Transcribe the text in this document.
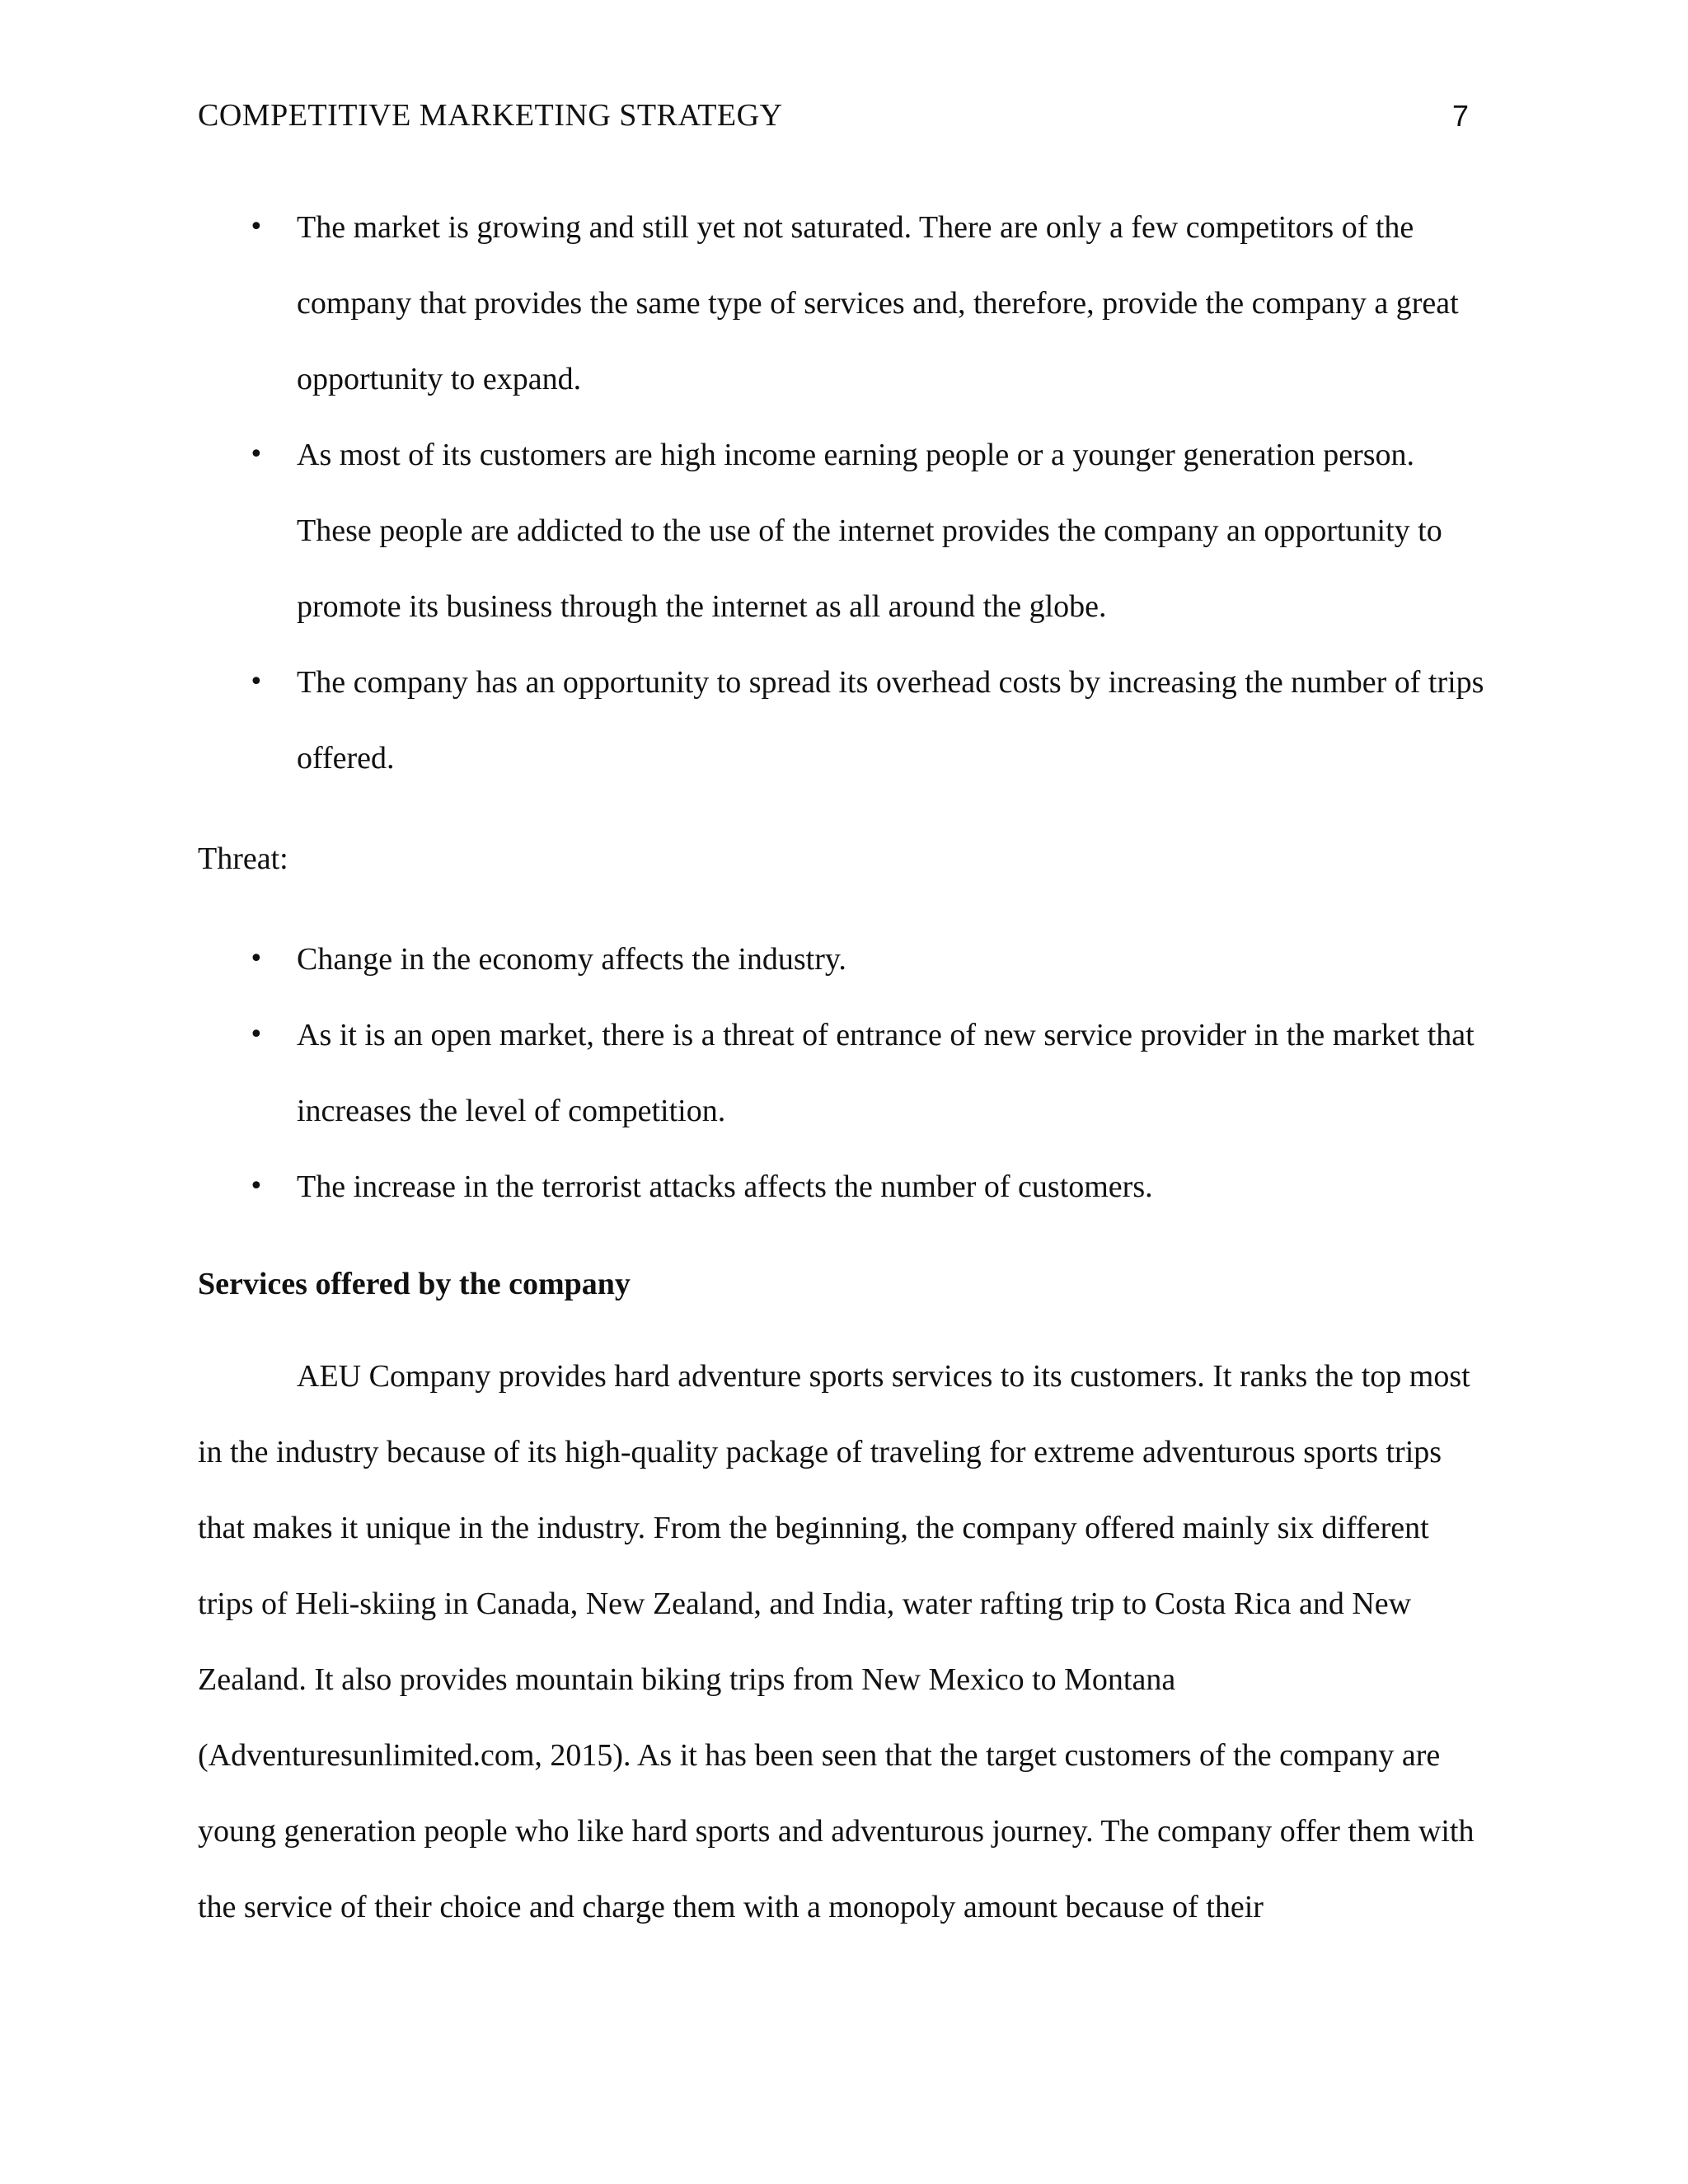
COMPETITIVE MARKETING STRATEGY	7
• The market is growing and still yet not saturated. There are only a few competitors of the company that provides the same type of services and, therefore, provide the company a great opportunity to expand.
• As most of its customers are high income earning people or a younger generation person. These people are addicted to the use of the internet provides the company an opportunity to promote its business through the internet as all around the globe.
• The company has an opportunity to spread its overhead costs by increasing the number of trips offered.
Threat:
• Change in the economy affects the industry.
• As it is an open market, there is a threat of entrance of new service provider in the market that increases the level of competition.
• The increase in the terrorist attacks affects the number of customers.
Services offered by the company

AEU Company provides hard adventure sports services to its customers. It ranks the top most in the industry because of its high-quality package of traveling for extreme adventurous sports trips that makes it unique in the industry. From the beginning, the company offered mainly six different trips of Heli-skiing in Canada, New Zealand, and India, water rafting trip to Costa Rica and New Zealand. It also provides mountain biking trips from New Mexico to Montana (Adventuresunlimited.com, 2015). As it has been seen that the target customers of the company are young generation people who like hard sports and adventurous journey. The company offer them with the service of their choice and charge them with a monopoly amount because of their
